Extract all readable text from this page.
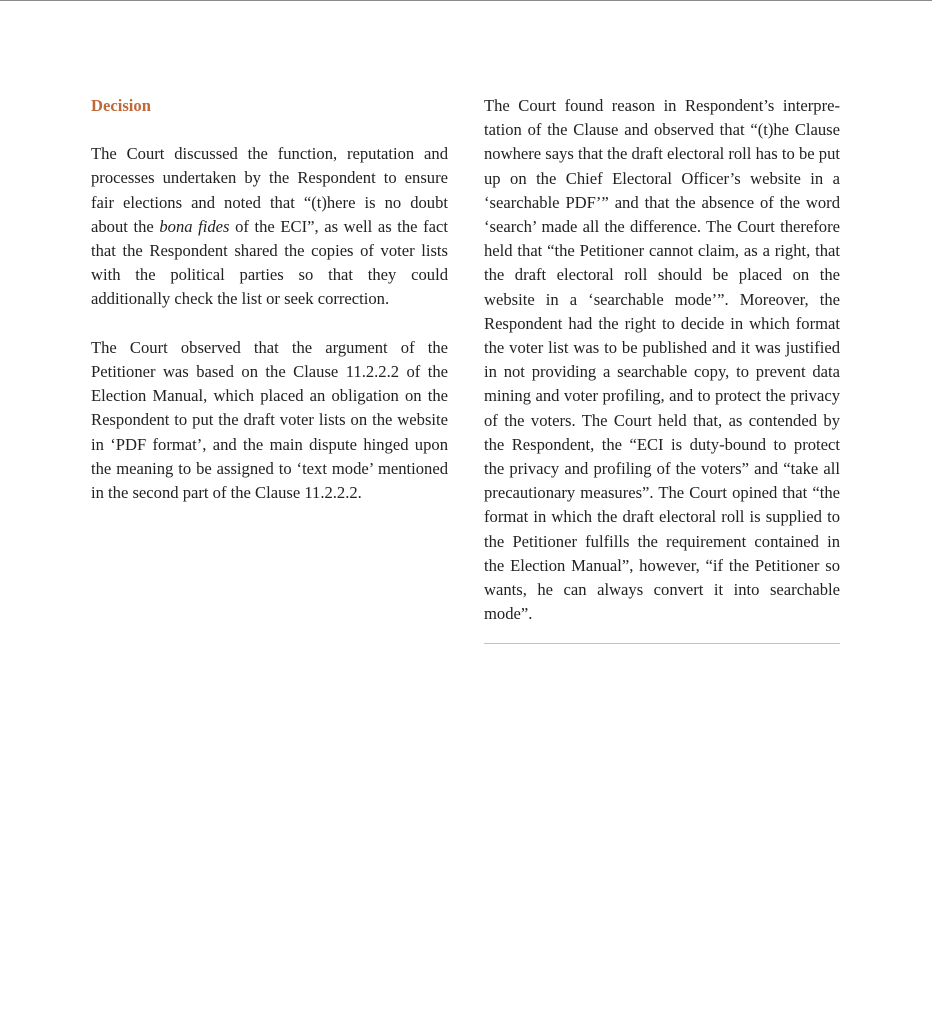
Decision

The Court discussed the function, reputation and processes undertaken by the Respondent to ensure fair elections and noted that “(t)here is no doubt about the bona fides of the ECI”, as well as the fact that the Respondent shared the copies of voter lists with the political parties so that they could additionally check the list or seek correction.

The Court observed that the argument of the Petitioner was based on the Clause 11.2.2.2 of the Election Manual, which placed an obligation on the Respondent to put the draft voter lists on the website in ‘PDF format’, and the main dispute hinged upon the meaning to be assigned to ‘text mode’ mentioned in the second part of the Clause 11.2.2.2.

The Court found reason in Respondent’s interpretation of the Clause and observed that “(t)he Clause nowhere says that the draft electoral roll has to be put up on the Chief Electoral Officer’s website in a ‘searchable PDF’” and that the absence of the word ‘search’ made all the difference. The Court therefore held that “the Petitioner cannot claim, as a right, that the draft electoral roll should be placed on the website in a ‘searchable mode’”. Moreover, the Respondent had the right to decide in which format the voter list was to be published and it was justified in not providing a searchable copy, to prevent data mining and voter profiling, and to protect the privacy of the voters. The Court held that, as contended by the Respondent, the “ECI is duty-bound to protect the privacy and profiling of the voters” and “take all precautionary measures”. The Court opined that “the format in which the draft electoral roll is supplied to the Petitioner fulfills the requirement contained in the Election Manual”, however, “if the Petitioner so wants, he can always convert it into searchable mode”.
